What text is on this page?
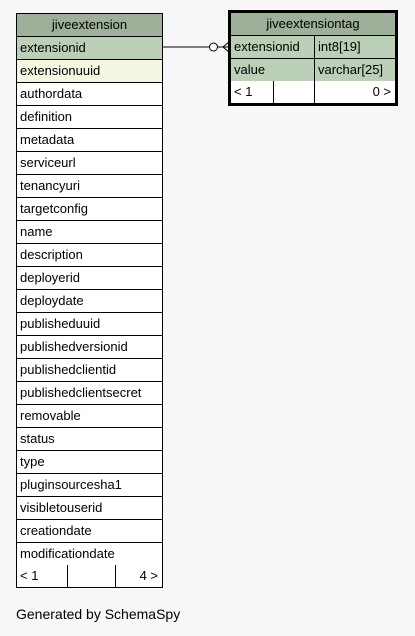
jiveextension
extensionid
extensionuuid
authordata
definition
metadata
serviceurl
tenancyuri
targetconfig
name
description
deployerid
deploydate
publisheduuid
publishedversionid
publishedclientid
publishedclientsecret
removable
status
type
pluginsourcesha1
visibletouserid
creationdate
modificationdate
< 1	4 >
jiveextensiontag
extensionid	int8[19]
value	varchar[25]
< 1	0 >
Generated by SchemaSpy
